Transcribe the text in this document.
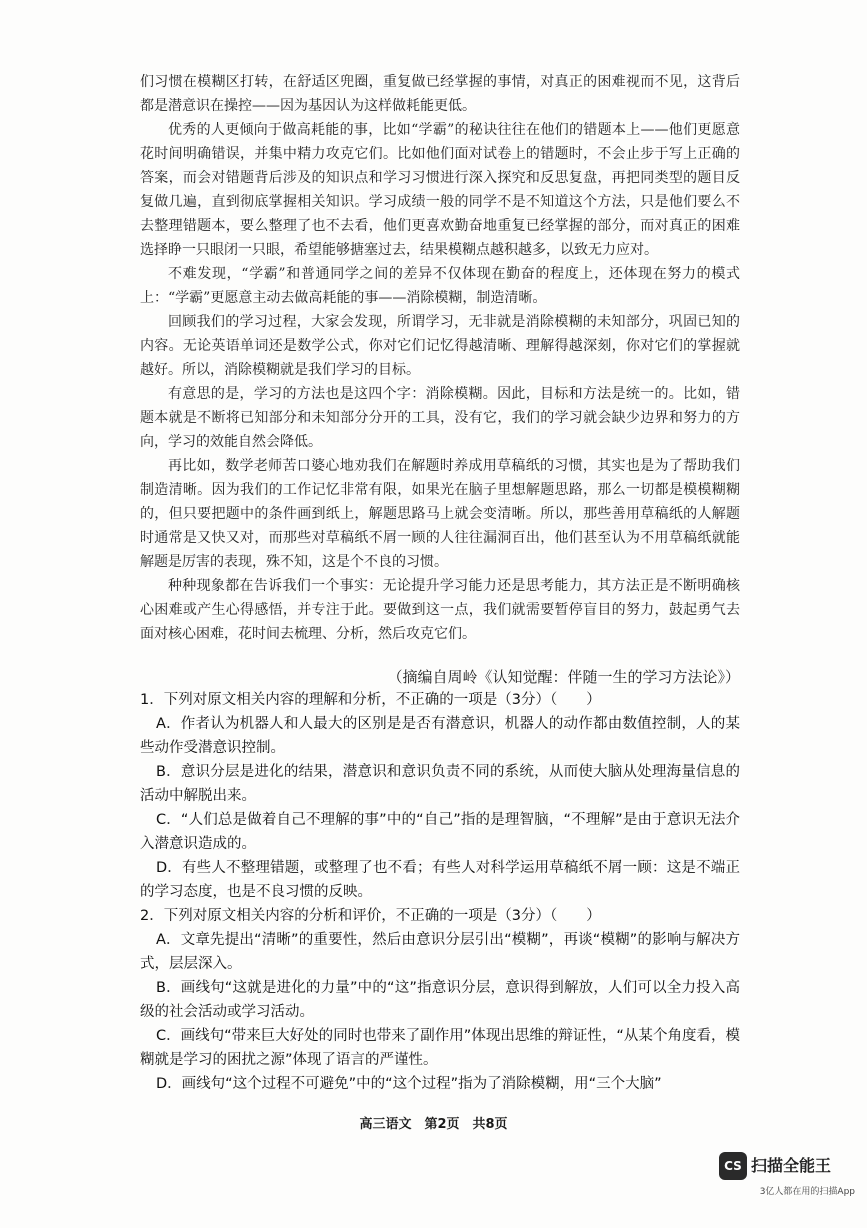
们习惯在模糊区打转，在舒适区兜圈，重复做已经掌握的事情，对真正的困难视而不见，这背后都是潜意识在操控——因为基因认为这样做耗能更低。

优秀的人更倾向于做高耗能的事，比如“学霸”的秘诀往往在他们的错题本上——他们更愿意花时间明确错误，并集中精力攻克它们。比如他们面对试卷上的错题时，不会止步于写上正确的答案，而会对错题背后涉及的知识点和学习习惯进行深入探究和反思复盘，再把同类型的题目反复做几遍，直到彻底掌握相关知识。学习成绩一般的同学不是不知道这个方法，只是他们要么不去整理错题本，要么整理了也不去看，他们更喜欢勤奋地重复已经掌握的部分，而对真正的困难选择睁一只眼闭一只眼，希望能够搪塞过去，结果模糊点越积越多，以致无力应对。

不难发现，“学霸”和普通同学之间的差异不仅体现在勤奋的程度上，还体现在努力的模式上：“学霸”更愿意主动去做高耗能的事——消除模糊，制造清晰。

回顾我们的学习过程，大家会发现，所谓学习，无非就是消除模糊的未知部分，巩固已知的内容。无论英语单词还是数学公式，你对它们记忆得越清晰、理解得越深刻，你对它们的掌握就越好。所以，消除模糊就是我们学习的目标。

有意思的是，学习的方法也是这四个字：消除模糊。因此，目标和方法是统一的。比如，错题本就是不断将已知部分和未知部分分开的工具，没有它，我们的学习就会缺少边界和努力的方向，学习的效能自然会降低。

再比如，数学老师苦口婆心地劝我们在解题时养成用草稿纸的习惯，其实也是为了帮助我们制造清晰。因为我们的工作记忆非常有限，如果光在脑子里想解题思路，那么一切都是模模糊糊的，但只要把题中的条件画到纸上，解题思路马上就会变清晰。所以，那些善用草稿纸的人解题时通常是又快又对，而那些对草稿纸不屑一顾的人往往漏洞百出，他们甚至认为不用草稿纸就能解题是厉害的表现，殊不知，这是个不良的习惯。

种种现象都在告诉我们一个事实：无论提升学习能力还是思考能力，其方法正是不断明确核心困难或产生心得感悟，并专注于此。要做到这一点，我们就需要暂停盲目的努力，鼓起勇气去面对核心困难，花时间去梳理、分析，然后攻克它们。

（摘编自周岭《认知觉醒：伴随一生的学习方法论》）

1．下列对原文相关内容的理解和分析，不正确的一项是（3分）（　　）

A．作者认为机器人和人最大的区别是是否有潜意识，机器人的动作都由数值控制，人的某些动作受潜意识控制。

B．意识分层是进化的结果，潜意识和意识负责不同的系统，从而使大脑从处理海量信息的活动中解脱出来。

C．“人们总是做着自己不理解的事”中的“自己”指的是理智脑，“不理解”是由于意识无法介入潜意识造成的。

D．有些人不整理错题，或整理了也不看；有些人对科学运用草稿纸不屑一顾：这是不端正的学习态度，也是不良习惯的反映。

2．下列对原文相关内容的分析和评价，不正确的一项是（3分）（　　）

A．文章先提出“清晰”的重要性，然后由意识分层引出“模糊”，再谈“模糊”的影响与解决方式，层层深入。

B．画线句“这就是进化的力量”中的“这”指意识分层，意识得到解放，人们可以全力投入高级的社会活动或学习活动。

C．画线句“带来巨大好处的同时也带来了副作用”体现出思维的辩证性，“从某个角度看，模糊就是学习的困扰之源”体现了语言的严谨性。

D．画线句“这个过程不可避免”中的“这个过程”指为了消除模糊，用“三个大脑”

高三语文　第2页　共8页
CS 扫描全能王
3亿人都在用的扫描App
